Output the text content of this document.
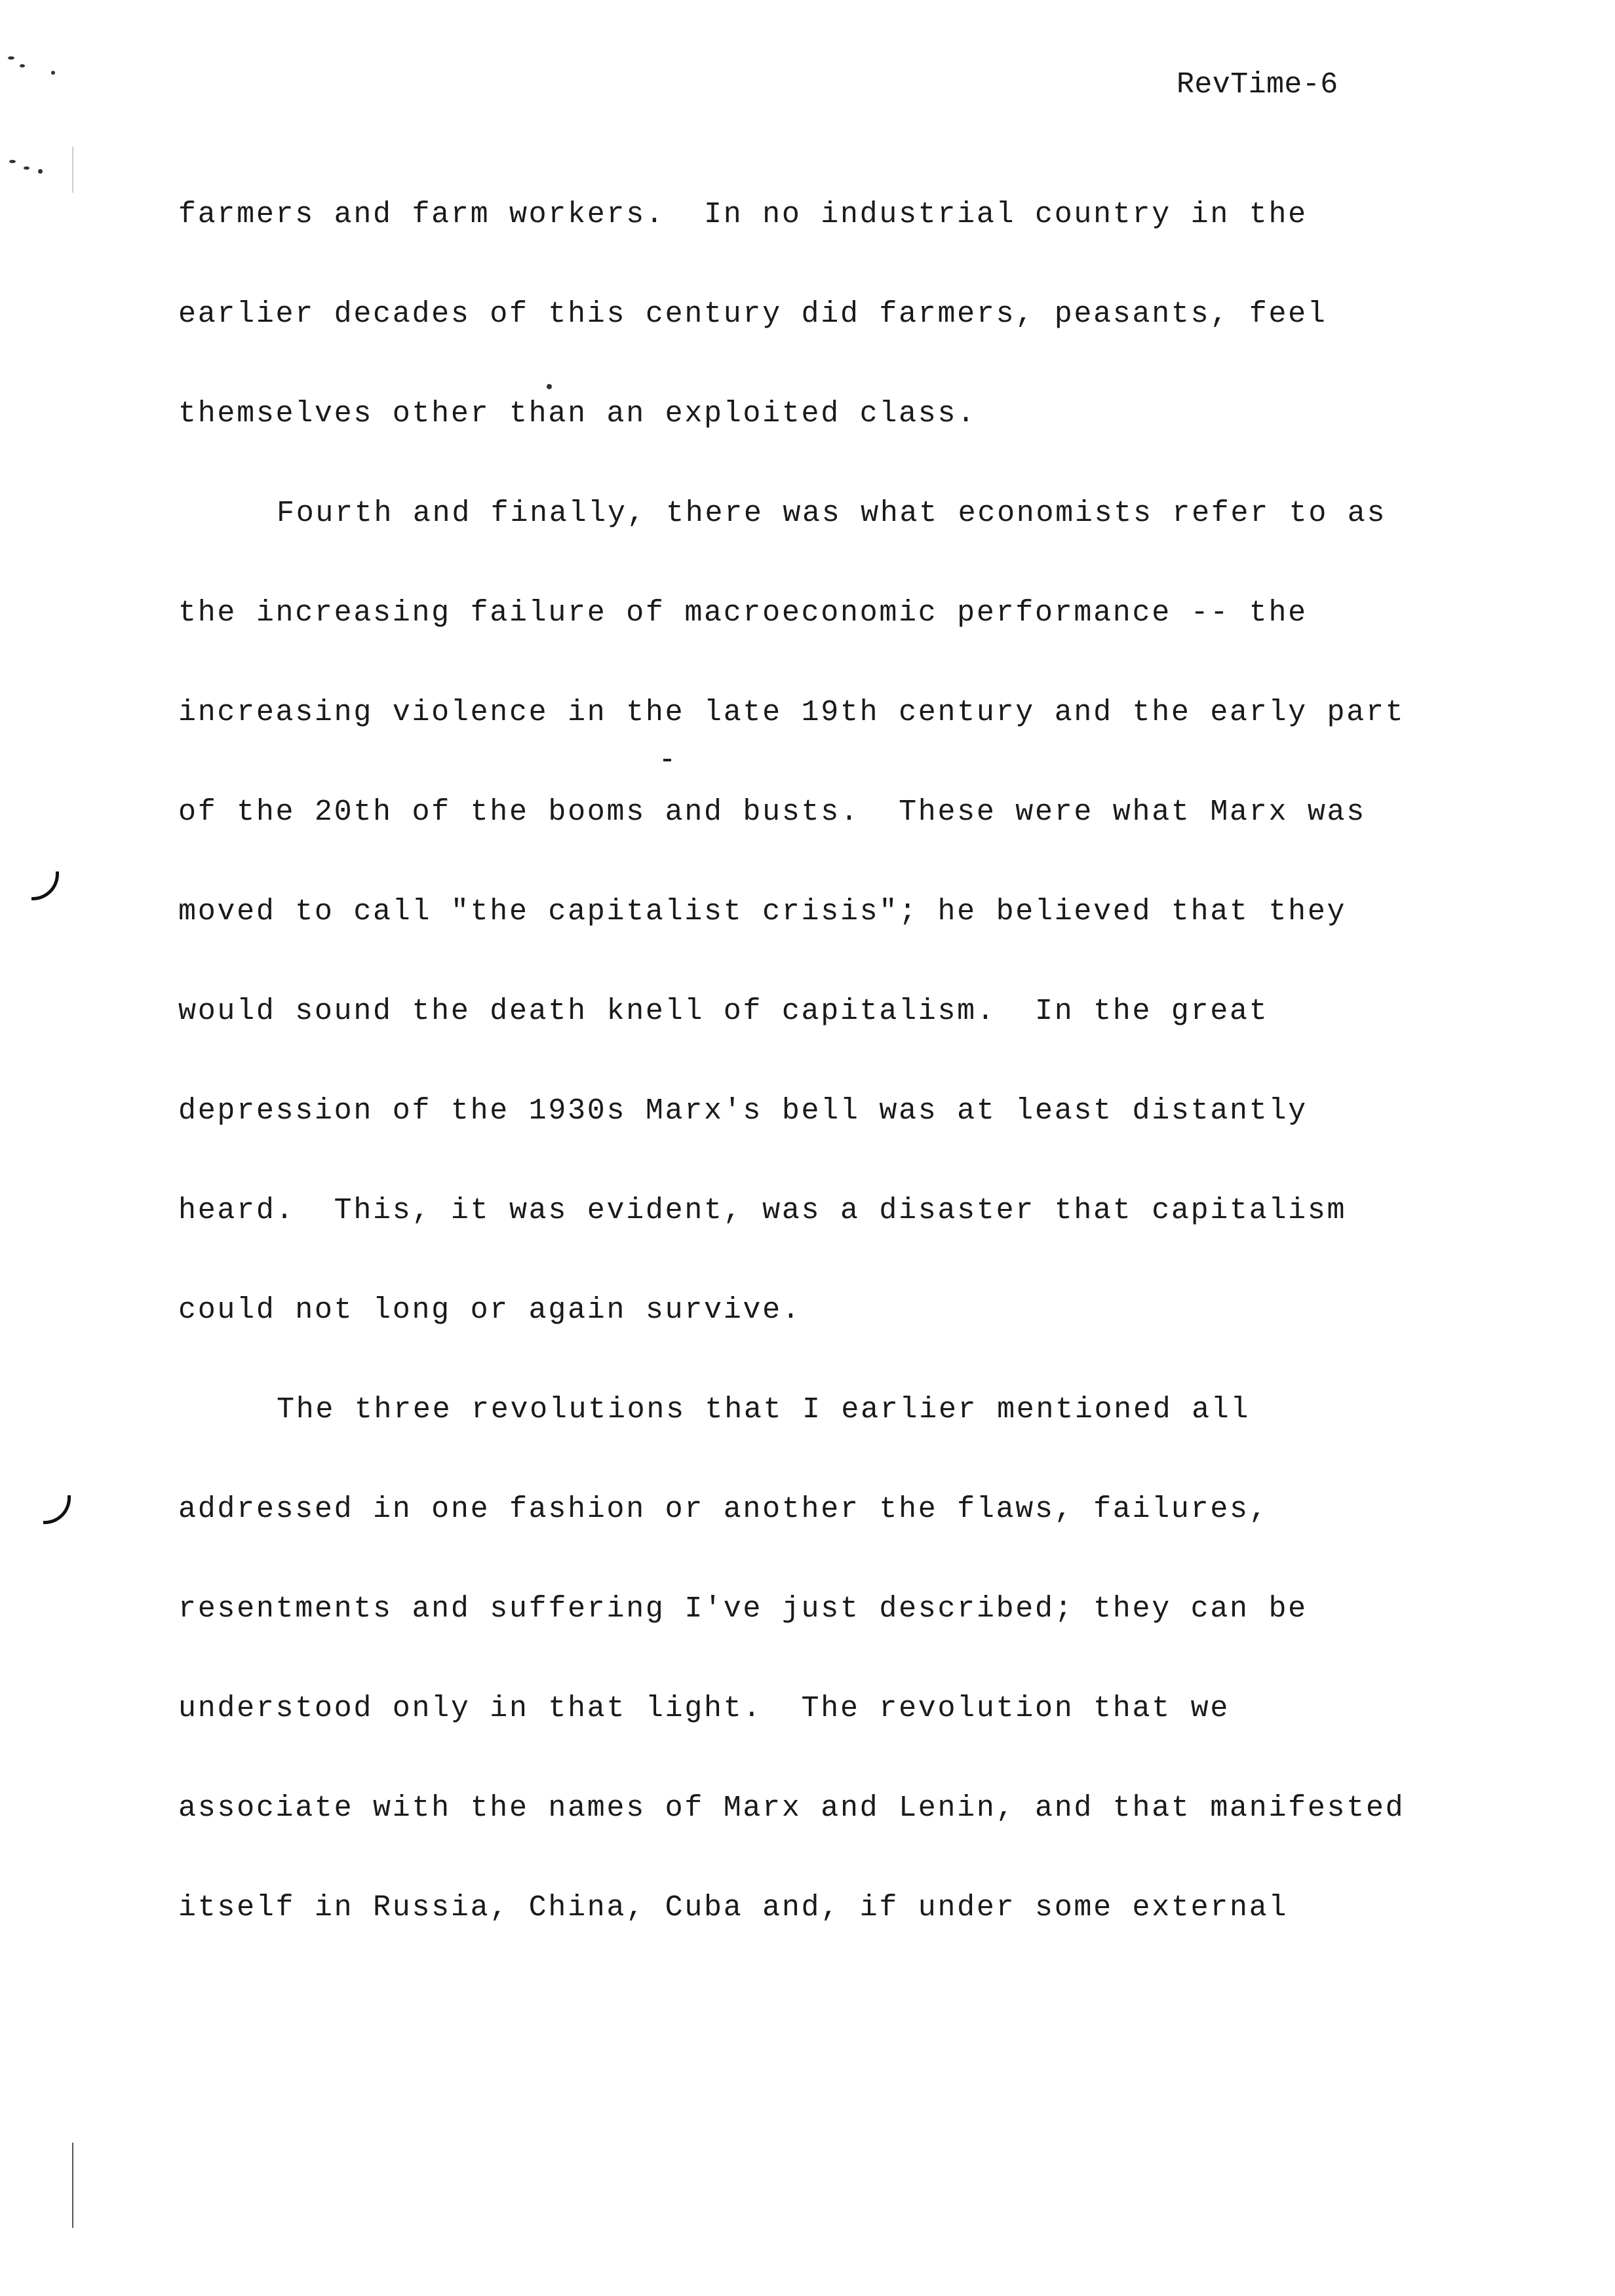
RevTime-6
farmers and farm workers.  In no industrial country in the
earlier decades of this century did farmers, peasants, feel
themselves other than an exploited class.
Fourth and finally, there was what economists refer to as
the increasing failure of macroeconomic performance -- the
increasing violence in the late 19th century and the early part
of the 20th of the booms and busts.  These were what Marx was
moved to call "the capitalist crisis"; he believed that they
would sound the death knell of capitalism.  In the great
depression of the 1930s Marx's bell was at least distantly
heard.  This, it was evident, was a disaster that capitalism
could not long or again survive.
The three revolutions that I earlier mentioned all
addressed in one fashion or another the flaws, failures,
resentments and suffering I've just described; they can be
understood only in that light.  The revolution that we
associate with the names of Marx and Lenin, and that manifested
itself in Russia, China, Cuba and, if under some external
